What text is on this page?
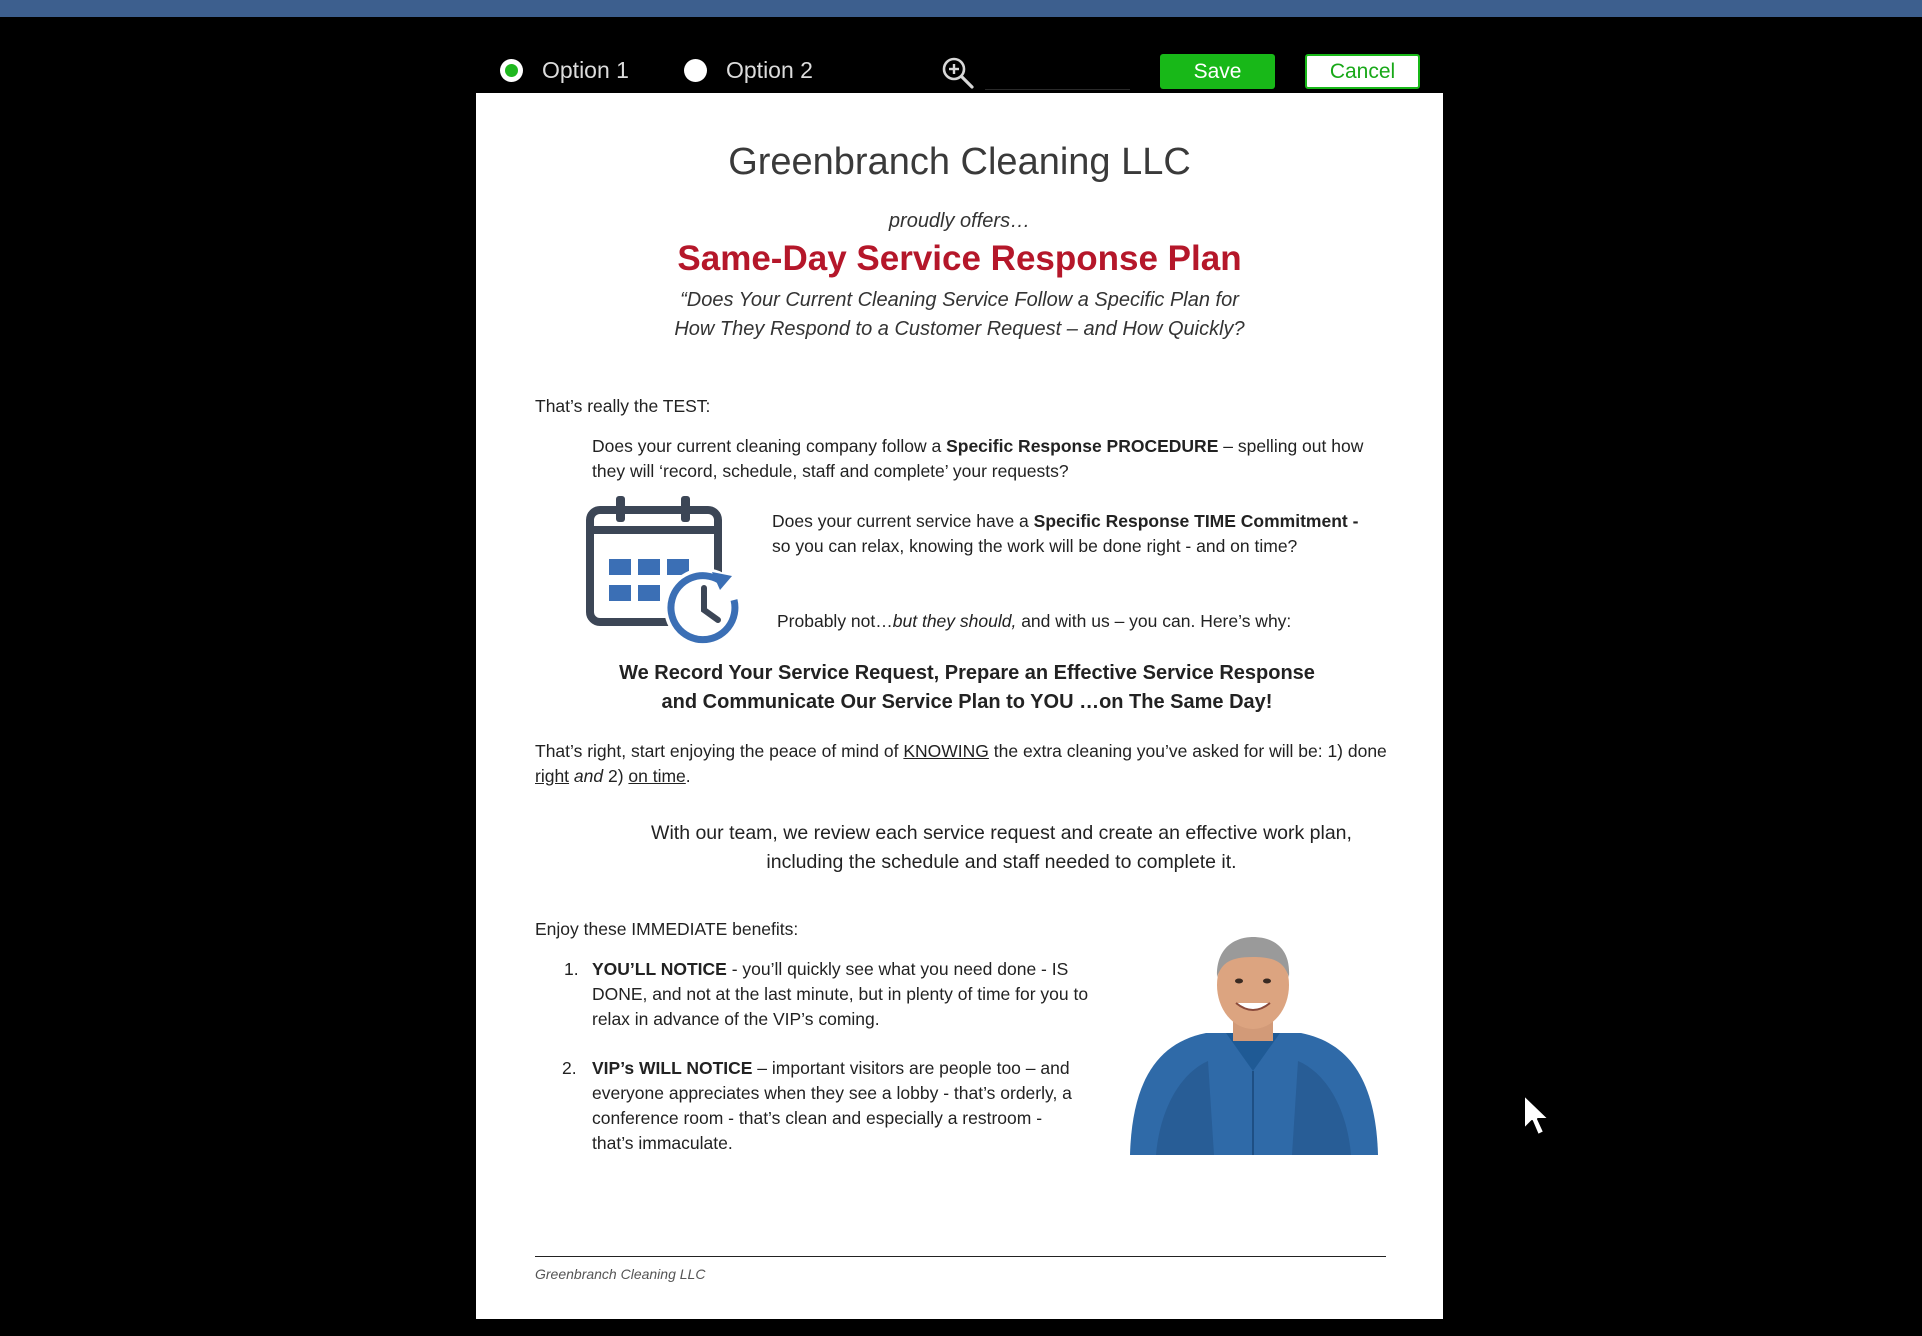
Option 1	Option 2	Save	Cancel
Greenbranch Cleaning LLC
proudly offers…
Same-Day Service Response Plan
“Does Your Current Cleaning Service Follow a Specific Plan for
How They Respond to a Customer Request – and How Quickly?
That’s really the TEST:
Does your current cleaning company follow a Specific Response PROCEDURE – spelling out how they will ‘record, schedule, staff and complete’ your requests?
Does your current service have a Specific Response TIME Commitment - so you can relax, knowing the work will be done right - and on time?
Probably not…but they should, and with us – you can. Here’s why:
We Record Your Service Request, Prepare an Effective Service Response
and Communicate Our Service Plan to YOU …on The Same Day!
That’s right, start enjoying the peace of mind of KNOWING the extra cleaning you’ve asked for will be: 1) done right and 2) on time.
With our team, we review each service request and create an effective work plan,
including the schedule and staff needed to complete it.
Enjoy these IMMEDIATE benefits:
1. YOU’LL NOTICE - you’ll quickly see what you need done - IS DONE, and not at the last minute, but in plenty of time for you to relax in advance of the VIP’s coming.
2. VIP’s WILL NOTICE – important visitors are people too – and everyone appreciates when they see a lobby - that’s orderly, a conference room - that’s clean and especially a restroom - that’s immaculate.
Greenbranch Cleaning LLC
